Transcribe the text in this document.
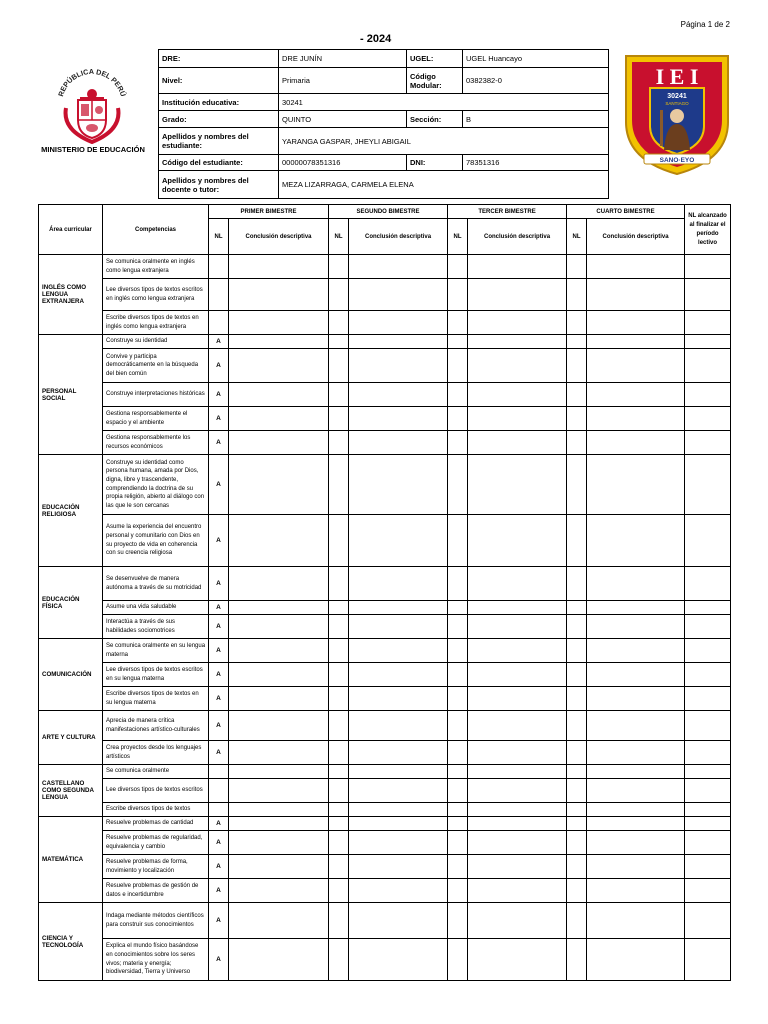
Página 1 de 2
- 2024
REPÚBLICA DEL PERÚ
MINISTERIO DE EDUCACIÓN
I E I
30241
SANTIAGO
SANO·EYO
DRE:	DRE JUNÍN	UGEL:	UGEL Huancayo
Nivel:	Primaria	Código Modular:	0382382-0
Institución educativa:	30241		
Grado:	QUINTO	Sección:	B
Apellidos y nombres del estudiante:	YARANGA GASPAR, JHEYLI ABIGAIL		
Código del estudiante:	00000078351316	DNI:	78351316
Apellidos y nombres del docente o tutor:	MEZA LIZARRAGA, CARMELA ELENA		
Área curricular	Competencias	PRIMER BIMESTRE		SEGUNDO BIMESTRE		TERCER BIMESTRE		CUARTO BIMESTRE		NL alcanzado al finalizar el período lectivo
		NL	Conclusión descriptiva	NL	Conclusión descriptiva	NL	Conclusión descriptiva	NL	Conclusión descriptiva	
INGLÉS COMO LENGUA EXTRANJERA	Se comunica oralmente en inglés como lengua extranjera									
	Lee diversos tipos de textos escritos en inglés como lengua extranjera									
	Escribe diversos tipos de textos en inglés como lengua extranjera									
PERSONAL SOCIAL	Construye su identidad	A								
	Convive y participa democráticamente en la búsqueda del bien común	A								
	Construye interpretaciones históricas	A								
	Gestiona responsablemente el espacio y el ambiente	A								
	Gestiona responsablemente los recursos económicos	A								
EDUCACIÓN RELIGIOSA	Construye su identidad como persona humana, amada por Dios, digna, libre y trascendente, comprendiendo la doctrina de su propia religión, abierto al diálogo con las que le son cercanas	A								
	Asume la experiencia del encuentro personal y comunitario con Dios en su proyecto de vida en coherencia con su creencia religiosa	A								
EDUCACIÓN FÍSICA	Se desenvuelve de manera autónoma a través de su motricidad	A								
	Asume una vida saludable	A								
	Interactúa a través de sus habilidades sociomotrices	A								
COMUNICACIÓN	Se comunica oralmente en su lengua materna	A								
	Lee diversos tipos de textos escritos en su lengua materna	A								
	Escribe diversos tipos de textos en su lengua materna	A								
ARTE Y CULTURA	Aprecia de manera crítica manifestaciones artístico-culturales	A								
	Crea proyectos desde los lenguajes artísticos	A								
CASTELLANO COMO SEGUNDA LENGUA	Se comunica oralmente									
	Lee diversos tipos de textos escritos									
	Escribe diversos tipos de textos									
MATEMÁTICA	Resuelve problemas de cantidad	A								
	Resuelve problemas de regularidad, equivalencia y cambio	A								
	Resuelve problemas de forma, movimiento y localización	A								
	Resuelve problemas de gestión de datos e incertidumbre	A								
CIENCIA Y TECNOLOGÍA	Indaga mediante métodos científicos para construir sus conocimientos	A								
	Explica el mundo físico basándose en conocimientos sobre los seres vivos; materia y energía; biodiversidad, Tierra y Universo	A								
